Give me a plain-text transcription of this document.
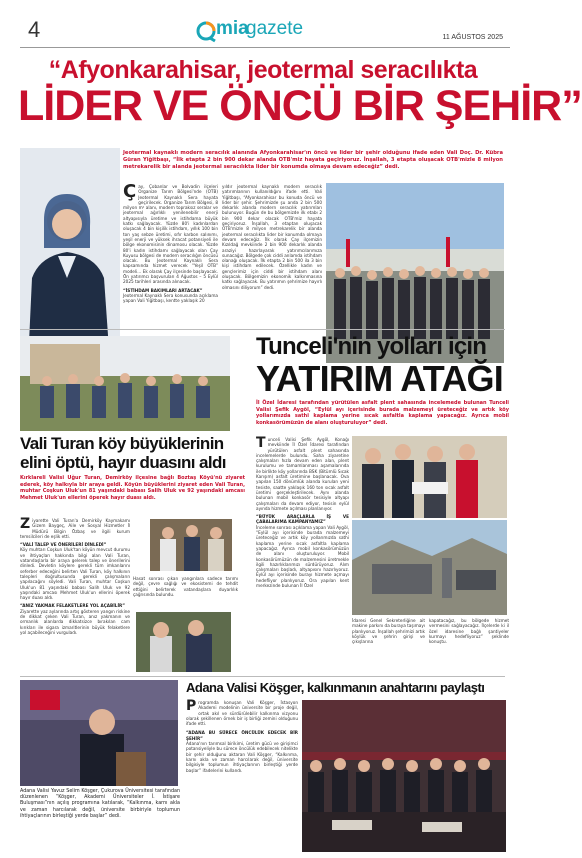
4	mia
gazete	11 AĞUSTOS 2025
“Afyonkarahisar, jeotermal seracılıkta
LİDER VE ÖNCÜ BİR ŞEHİR”
Jeotermal kaynaklı modern seracılık alanında Afyonkarahisar'ın öncü ve lider bir şehir olduğunu ifade eden Vali Doç. Dr. Kübra Güran Yiğitbaşı, “İlk etapta 2 bin 900 dekar alanda OTB'miz hayata geçiriyoruz. İnşallah, 3 etapta oluşacak OTB'mizle 8 milyon metrekarelik bir alanda jeotermal seracılıkta lider bir konumda olmaya devam edeceğiz” dedi.
Çay, Çobanlar ve Bolvadin ilçeleri Organize Tarım Bölgesi'nde (OTB) Jeotermal Kaynaklı Sera hayata geçirilecek. Organize Tarım Bölgesi, 8 milyon m² alanı, modern topraksız seralar ve jeotermal ağırlıklı yenilenebilir enerji altyapısıyla üretime ve istihdama büyük katkı sağlayacak. Yüzde 80'i kadınlardan oluşacak 4 bin kişilik istihdam, yıllık 100 bin ton yaş sebze üretimi, sıfır karbon salınımı, yeşil enerji ve yüksek ihracat potansiyeli ile bölge ekonomisinin dinamosu olacak. Yüzde 80'i kadın istihdamı sağlayacak olan Çay Kuyusu bölgesi de modern seracılığın öncüsü olacak. Bu Jeotermal Kaynaklı Sera kapsamında hizmet verecek “Yeşil OTB” modeli... Ek olarak Çay ilçesinde başlayacak. Ön yatırımcı başvuruları 4 Ağustos – 5 Eylül 2025 tarihleri arasında alınacak.
“İSTİHDAM BAKIMLARI ARTACAK”
Jeotermal Kaynaklı Sera konusunda açıklama yapan Vali Yiğitbaşı, kentte yaklaşık 20
yıldır jeotermal kaynaklı modern seracılık yatırımlarının kullanıldığını ifade etti. Vali Yiğitbaşı, “Afyonkarahisar bu konuda öncü ve lider bir şehir. Şehrimizde şu anda 2 bin 500 dekarlık alanda modern seracılık yatırımları bulunuyor. Bugün de bu bölgemizde ilk etabı 2 bin 900 dekar olacak OTB'miz hayata geçiriyoruz. İnşallah, 3 etaptan oluşacak OTB'mizle 8 milyon metrekarelik bir alanda jeotermal seracılıkta lider bir konumda olmaya devam edeceğiz. İlk olarak Çay ilçemizin Kızıldağ mevkiinde 2 bin 900 dekarlık alanda araziyi hazırlayarak yatırımcılarımıza sunacağız. Bölgede çok ciddi anlamda istihdam olanağı oluşacak. İlk etapta 2 bin 500 ila 3 bin kişi istihdam edilecek. Özellikle kadın ve gençlerimiz için ciddi bir istihdam alanı oluşacak. Bölgemizin ekonomik kalkınmasına katkı sağlayacak. Bu yatırımın şehrimize hayırlı olmasını diliyorum” dedi.
Vali Turan köy büyüklerinin
elini öptü, hayır duasını aldı
Kırklareli Valisi Uğur Turan, Demirköy ilçesine bağlı Boztaş Köyü'nü ziyaret ederek, köy halkıyla bir araya geldi. Köyün büyüklerini ziyaret eden Vali Turan, muhtar Coşkun Uluk'un 81 yaşındaki babası Salih Uluk ve 92 yaşındaki amcası Mehmet Uluk'un ellerini öperek hayır duası aldı.
Ziyarette Vali Turan'a Demirköy Kaymakamı Gizem Baygeç, Aile ve Sosyal Hizmetler İl Müdürü Bilgin Özbaş ve ilgili kurum temsilcileri de eşlik etti.
“VALİ TALEP VE ÖNERİLERİ DİNLEDİ”
Köy muhtarı Coşkun Uluk'tan köyün mevcut durumu ve ihtiyaçları hakkında bilgi alan Vali Turan, vatandaşlarla bir araya gelerek talep ve önerilerini dinledi. Devletin köylere gerekli tüm imkanlarını seferber edeceğini belirten Vali Turan, köy halkının talepleri doğrultusunda gerekli çalışmaların yapılacağını söyledi. Vali Turan, muhtar Coşkun Uluk'un 81 yaşındaki babası Salih Uluk ve 92 yaşındaki amcası Mehmet Uluk'un ellerini öperek hayır duası aldı.
“ANIZ YAKMAK FELAKETLERE YOL AÇABİLİR”
Ziyarette yaz aylarında artış gösteren yangın riskine de dikkat çeken Vali Turan, anız yakmanın ve ormanlık alanlarda dikkatsizce bırakılan cam kırıkları ile sigara izmaritlerinin büyük felaketlere yol açabileceğini vurguladı.
Hasat sonrası çıkan yangınlara sadece tarımı değil, çevre sağlığı ve ekosistemi de tehdit ettiğini belirterek vatandaşlara duyarlılık çağrısında bulundu.
Tunceli'nin yolları için
YATIRIM ATAĞI
İl Özel İdaresi tarafından yürütülen asfalt plent sahasında incelemede bulunan Tunceli Valisi Şefik Aygöl, “Eylül ayı içerisinde burada malzemeyi üreteceğiz ve artık köy yollarımızda sathi kaplama yerine sıcak asfaltla kaplama yapacağız. Ayrıca mobil konkasörümüzün de alanı oluşturuluyor” dedi.
Tunceli Valisi Şefik Aygöl, Konağı mevkiinde İl Özel İdaresi tarafından yürütülen asfalt plent sahasında incelemelerde bulundu. Saha ziyaretine çalışmaları hızla devam eden alan, plent kurulumu ve tamamlanması aşamalarında ile birlikte köy yollarında BSK (Bitümlü Sıcak Karışım) asfalt üretimine başlanacak. Ova yapılan 150 dönümlük alanda kurulan yeni tesiste, saatte yaklaşık 160 ton sıcak asfalt üretimi gerçekleştirilecek. Aynı alanda bulunan mobil konkasör tesisiyle altyapı çalışmaları da devam ediyor, tesisin eylül ayında hizmete açılması planlanıyor.
“BÜYÜK ARAÇLARLA İŞ VE ÇABALARIMA KAMPANYAMIZ”
İnceleme sonrası açıklama yapan Vali Aygöl, “Eylül ayı içerisinde burada malzemeyi üreteceğiz ve artık köy yollarımızda sathi kaplama yerine sıcak asfaltla kaplama yapacağız. Ayrıca mobil konkasörümüzün de alanı oluşturuluyor. Mobil konkasörümüzün de malzemesini üretmekle ilgili hazırlıklarımızı sürdürüyoruz. Alım çalışmaları başladı, altyapısını hazırlıyoruz. Eylül ayı içerisinde burayı hizmete açmayı hedefliyor planlıyoruz. Ora yapılan kent merkezinde bulunan İl Özel
İdaresi Genel Sekreterliğine ait makine parkını da buraya taşımayı planlıyoruz. İnşallah şehrimizi artık köylük ve şehrin girişi ve çıkışlarına
kapatacağız, bu bölgede hizmet vermesini sağlayacağız. İlçelerde ki il özel idaresine bağlı şantiyeler kurmayı hedefliyoruz” şeklinde konuştu.
Adana Valisi Yavuz Selim Köşger, Çukurova Üniversitesi tarafından düzenlenen “Köşger, Akademi Üniversiteler İ. İstişare Buluşması”nın açılış programına katılarak, “Kalkınma, karnı akla ve zaman harcılarak değil, üniversite birbiriyle toplumun ihtiyaçlarının birleştiği yerde başlar” dedi.
Adana Valisi Köşger, kalkınmanın anahtarını paylaştı
Programda konuşan Vali Köşger, İstasyon Akademi modelinin üniversite bir proje değil, ortak akıl ve sürdürülebilir kalkınma vizyonu olarak şekillenen örnek bir iş birliği zemini olduğunu ifade etti.
“ADANA BU SÜRECE ÖNCÜLÜK EDECEK BİR ŞEHİR”
Adana'nın tarımsal birikimi, üretim gücü ve girişimci potansiyeliyle bu sürece öncülük edebilecek nitelikte bir şehir olduğunu aktaran Vali Köşger, “Kalkınma, karnı akla ve zaman harcılarak değil, üniversite bilgisiyle toplumun ihtiyaçlarının birleştiği yerde başlar” ifadelerini kullandı.
